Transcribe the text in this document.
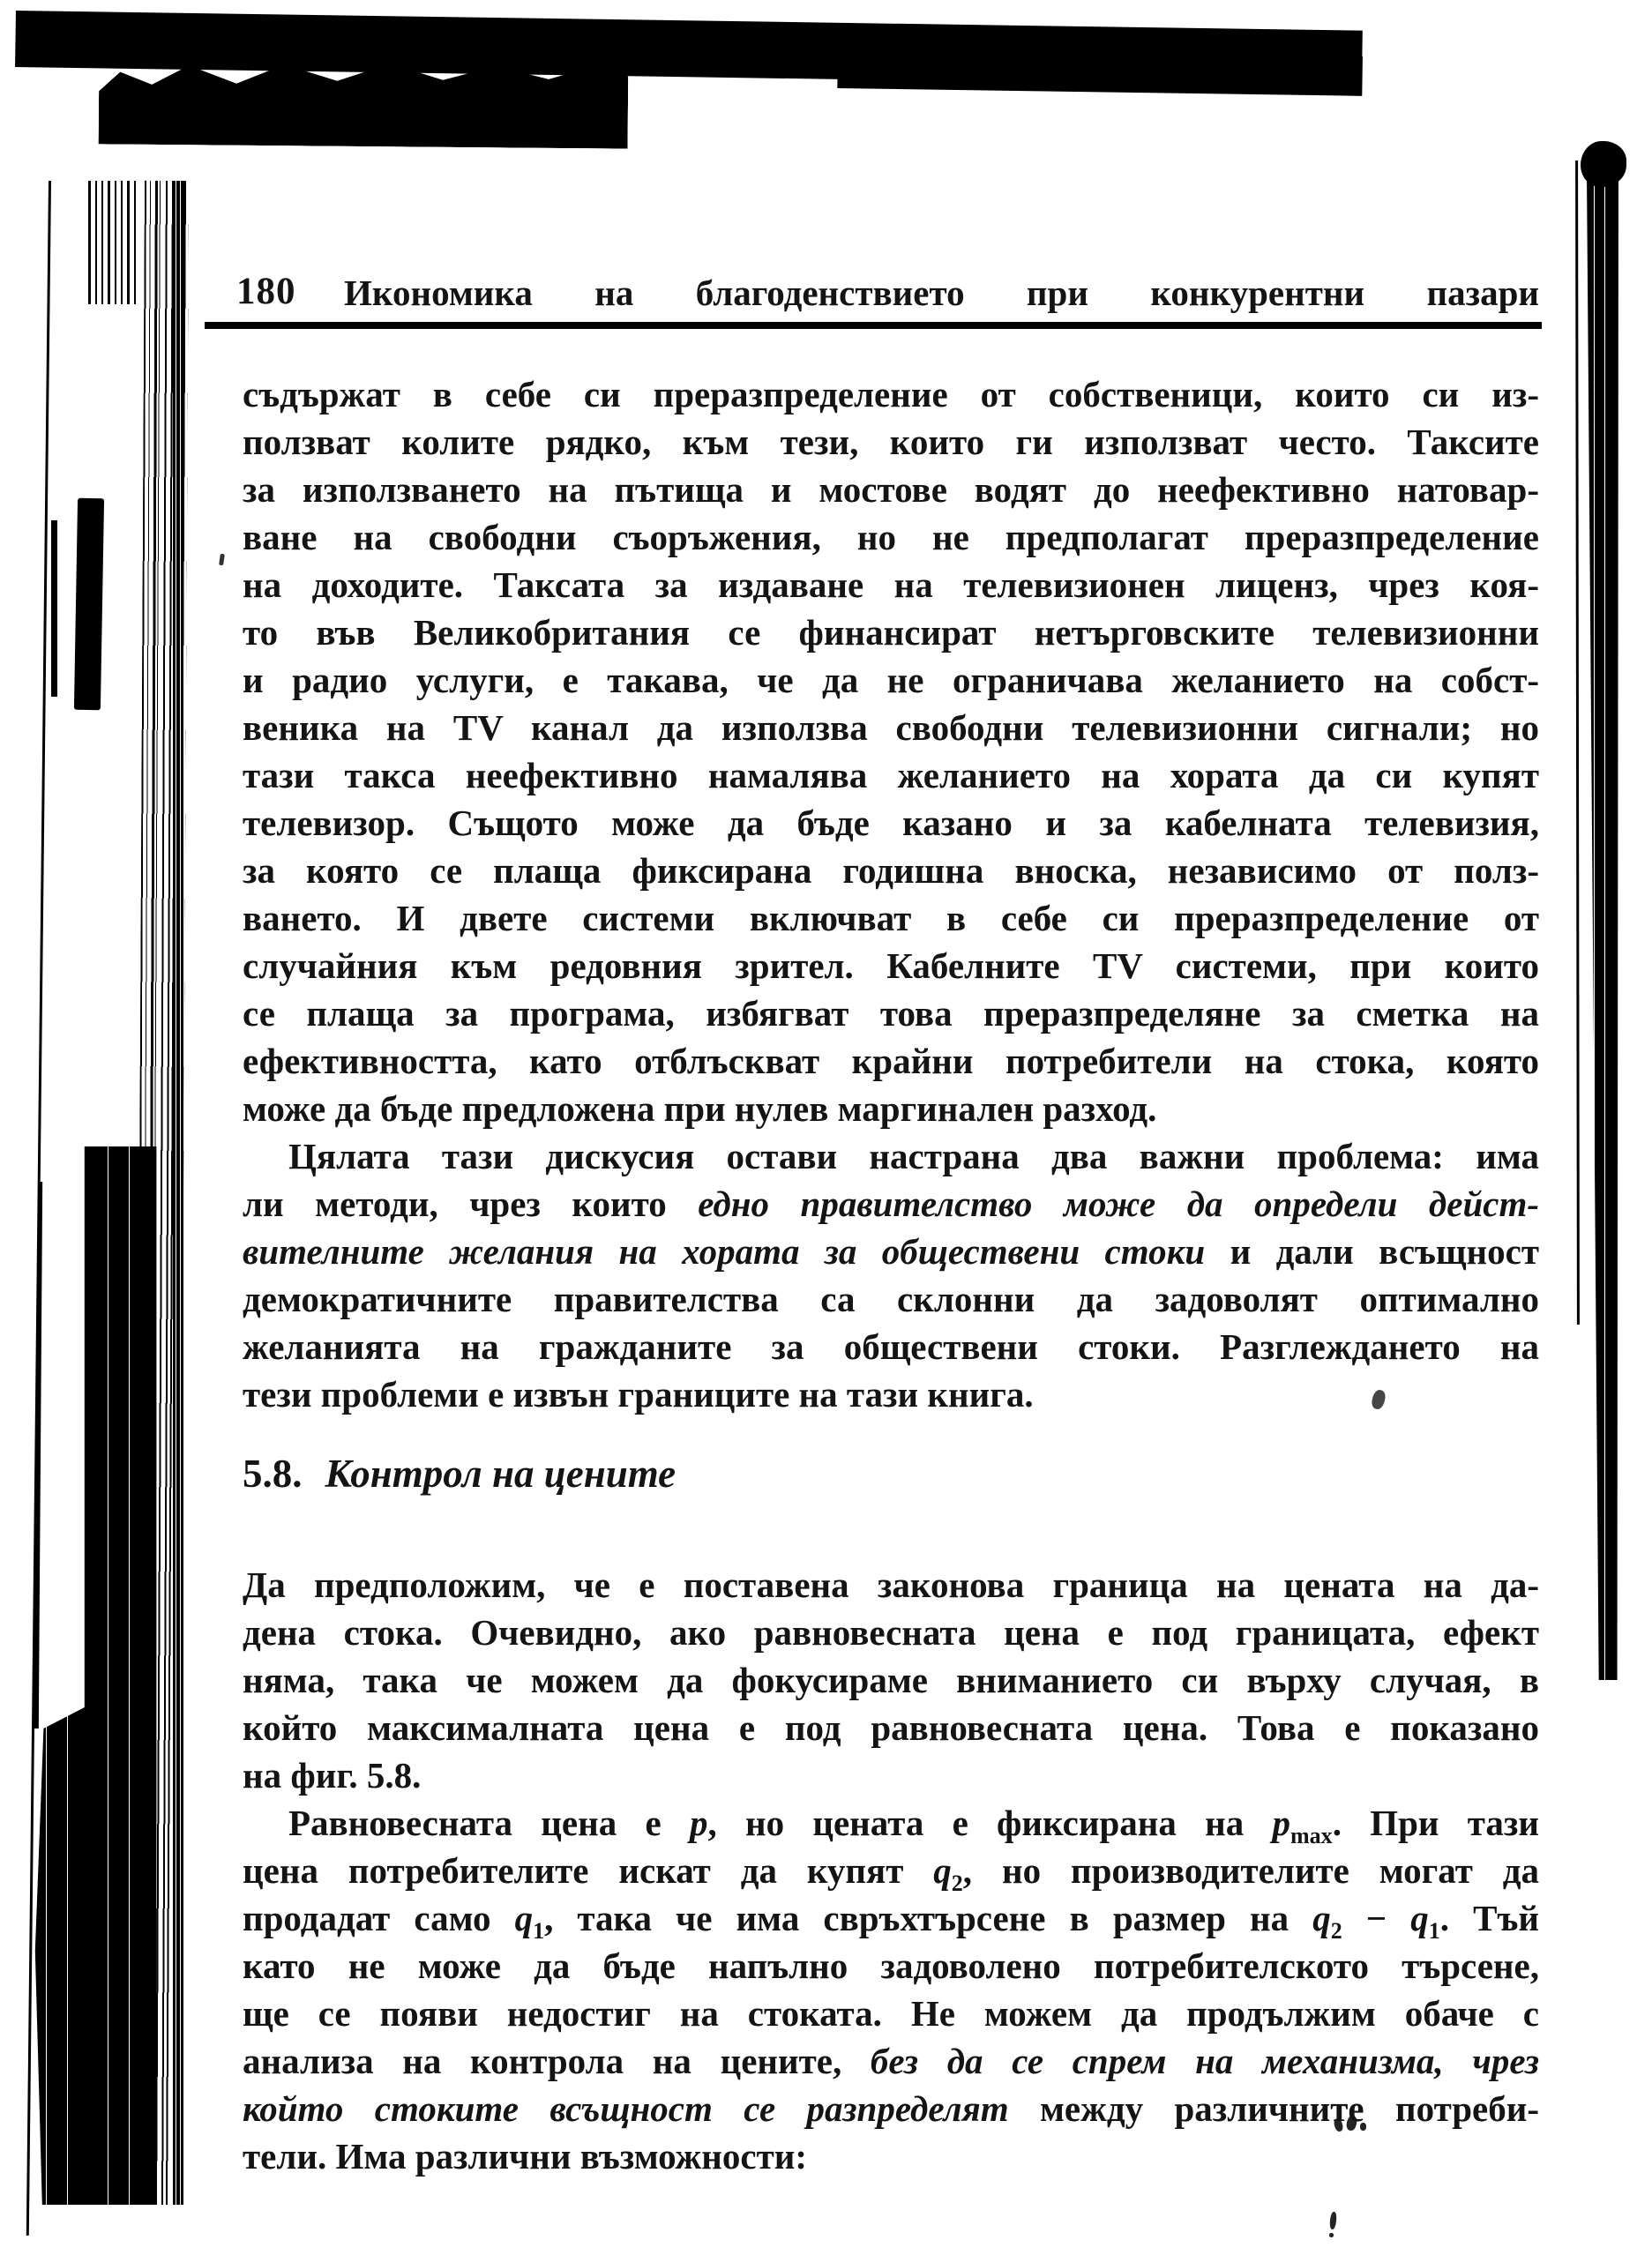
180 Икономика на благоденствието при конкурентни пазари
съдържат в себе си преразпределение от собственици, които си из-
ползват колите рядко, към тези, които ги използват често. Таксите
за използването на пътища и мостове водят до неефективно натовар-
ване на свободни съоръжения, но не предполагат преразпределение
на доходите. Таксата за издаване на телевизионен лиценз, чрез коя-
то във Великобритания се финансират нетърговските телевизионни
и радио услуги, е такава, че да не ограничава желанието на собст-
веника на TV канал да използва свободни телевизионни сигнали; но
тази такса неефективно намалява желанието на хората да си купят
телевизор. Същото може да бъде казано и за кабелната телевизия,
за която се плаща фиксирана годишна вноска, независимо от полз-
ването. И двете системи включват в себе си преразпределение от
случайния към редовния зрител. Кабелните TV системи, при които
се плаща за програма, избягват това преразпределяне за сметка на
ефективността, като отблъскват крайни потребители на стока, която
може да бъде предложена при нулев маргинален разход.
Цялата тази дискусия остави настрана два важни проблема: има
ли методи, чрез които едно правителство може да определи дейст-
вителните желания на хората за обществени стоки и дали всъщност
демократичните правителства са склонни да задоволят оптимално
желанията на гражданите за обществени стоки. Разглеждането на
тези проблеми е извън границите на тази книга.
5.8. Контрол на цените
Да предположим, че е поставена законова граница на цената на да-
дена стока. Очевидно, ако равновесната цена е под границата, ефект
няма, така че можем да фокусираме вниманието си върху случая, в
който максималната цена е под равновесната цена. Това е показано
на фиг. 5.8.
Равновесната цена е p, но цената е фиксирана на $p_{max}$. При тази
цена потребителите искат да купят $q_2$, но производителите могат да
продадат само $q_1$, така че има свръхтърсене в размер на $q_2 - q_1$. Тъй
като не може да бъде напълно задоволено потребителското търсене,
ще се появи недостиг на стоката. Не можем да продължим обаче с
анализа на контрола на цените, без да се спрем на механизма, чрез
който стоките всъщност се разпределят между различните потреби-
тели. Има различни възможности:
